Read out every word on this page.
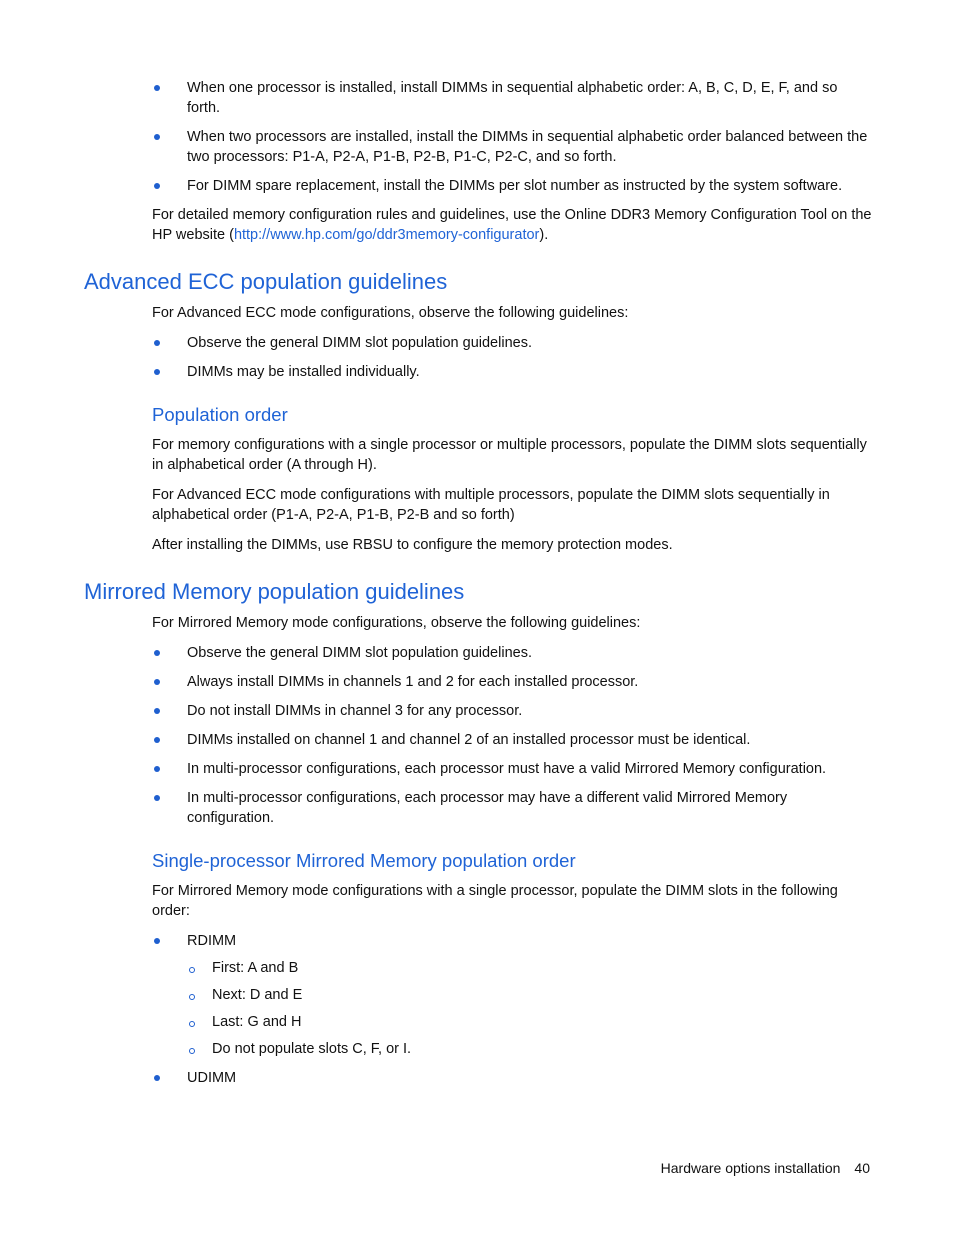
When one processor is installed, install DIMMs in sequential alphabetic order: A, B, C, D, E, F, and so forth.
When two processors are installed, install the DIMMs in sequential alphabetic order balanced between the two processors: P1-A, P2-A, P1-B, P2-B, P1-C, P2-C, and so forth.
For DIMM spare replacement, install the DIMMs per slot number as instructed by the system software.

For detailed memory configuration rules and guidelines, use the Online DDR3 Memory Configuration Tool on the HP website (http://www.hp.com/go/ddr3memory-configurator).

Advanced ECC population guidelines

For Advanced ECC mode configurations, observe the following guidelines:

Observe the general DIMM slot population guidelines.
DIMMs may be installed individually.
Population order

For memory configurations with a single processor or multiple processors, populate the DIMM slots sequentially in alphabetical order (A through H).

For Advanced ECC mode configurations with multiple processors, populate the DIMM slots sequentially in alphabetical order (P1-A, P2-A, P1-B, P2-B and so forth)

After installing the DIMMs, use RBSU to configure the memory protection modes.

Mirrored Memory population guidelines

For Mirrored Memory mode configurations, observe the following guidelines:

Observe the general DIMM slot population guidelines.
Always install DIMMs in channels 1 and 2 for each installed processor.
Do not install DIMMs in channel 3 for any processor.
DIMMs installed on channel 1 and channel 2 of an installed processor must be identical.
In multi-processor configurations, each processor must have a valid Mirrored Memory configuration.
In multi-processor configurations, each processor may have a different valid Mirrored Memory configuration.
Single-processor Mirrored Memory population order

For Mirrored Memory mode configurations with a single processor, populate the DIMM slots in the following order:

RDIMM
First: A and B
Next: D and E
Last: G and H
Do not populate slots C, F, or I.
UDIMM
Hardware options installation 40
